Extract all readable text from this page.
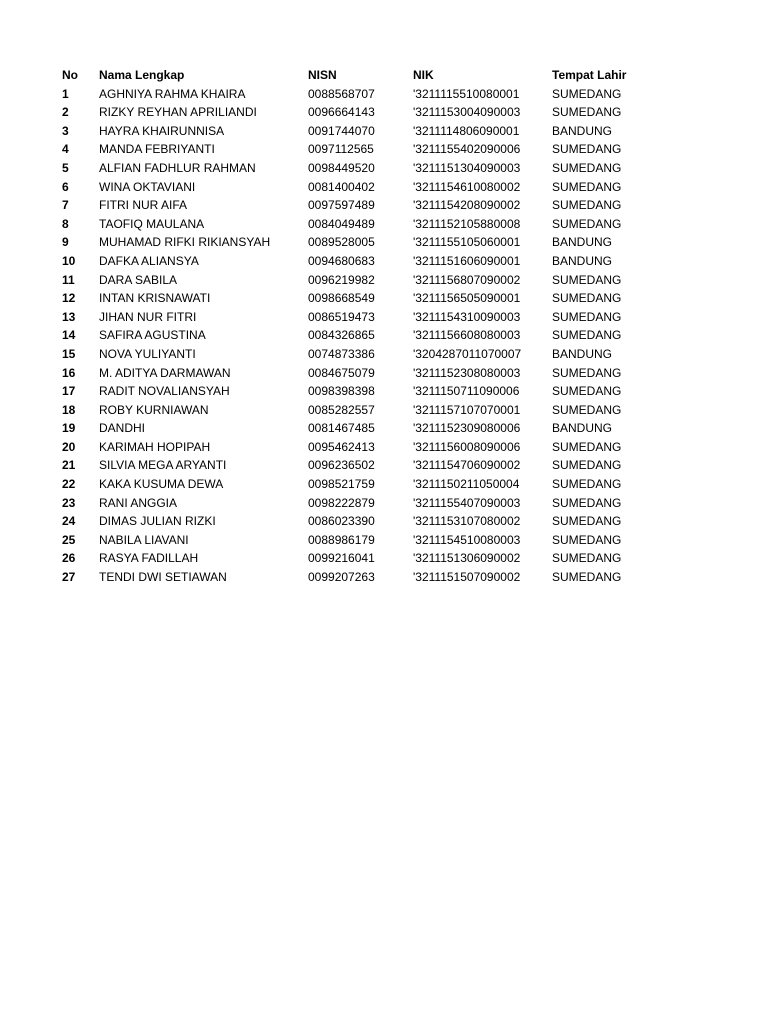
No	Nama Lengkap	NISN	NIK	Tempat Lahir
1	AGHNIYA RAHMA KHAIRA	0088568707	'3211115510080001	SUMEDANG
2	RIZKY REYHAN APRILIANDI	0096664143	'3211153004090003	SUMEDANG
3	HAYRA KHAIRUNNISA	0091744070	'3211114806090001	BANDUNG
4	MANDA FEBRIYANTI	0097112565	'3211155402090006	SUMEDANG
5	ALFIAN FADHLUR RAHMAN	0098449520	'3211151304090003	SUMEDANG
6	WINA OKTAVIANI	0081400402	'3211154610080002	SUMEDANG
7	FITRI NUR AIFA	0097597489	'3211154208090002	SUMEDANG
8	TAOFIQ MAULANA	0084049489	'3211152105880008	SUMEDANG
9	MUHAMAD RIFKI RIKIANSYAH	0089528005	'3211155105060001	BANDUNG
10	DAFKA ALIANSYA	0094680683	'3211151606090001	BANDUNG
11	DARA SABILA	0096219982	'3211156807090002	SUMEDANG
12	INTAN KRISNAWATI	0098668549	'3211156505090001	SUMEDANG
13	JIHAN NUR FITRI	0086519473	'3211154310090003	SUMEDANG
14	SAFIRA AGUSTINA	0084326865	'3211156608080003	SUMEDANG
15	NOVA YULIYANTI	0074873386	'3204287011070007	BANDUNG
16	M. ADITYA DARMAWAN	0084675079	'3211152308080003	SUMEDANG
17	RADIT NOVALIANSYAH	0098398398	'3211150711090006	SUMEDANG
18	ROBY KURNIAWAN	0085282557	'3211157107070001	SUMEDANG
19	DANDHI	0081467485	'3211152309080006	BANDUNG
20	KARIMAH HOPIPAH	0095462413	'3211156008090006	SUMEDANG
21	SILVIA MEGA ARYANTI	0096236502	'3211154706090002	SUMEDANG
22	KAKA KUSUMA DEWA	0098521759	'3211150211050004	SUMEDANG
23	RANI ANGGIA	0098222879	'3211155407090003	SUMEDANG
24	DIMAS JULIAN RIZKI	0086023390	'3211153107080002	SUMEDANG
25	NABILA LIAVANI	0088986179	'3211154510080003	SUMEDANG
26	RASYA FADILLAH	0099216041	'3211151306090002	SUMEDANG
27	TENDI DWI SETIAWAN	0099207263	'3211151507090002	SUMEDANG
